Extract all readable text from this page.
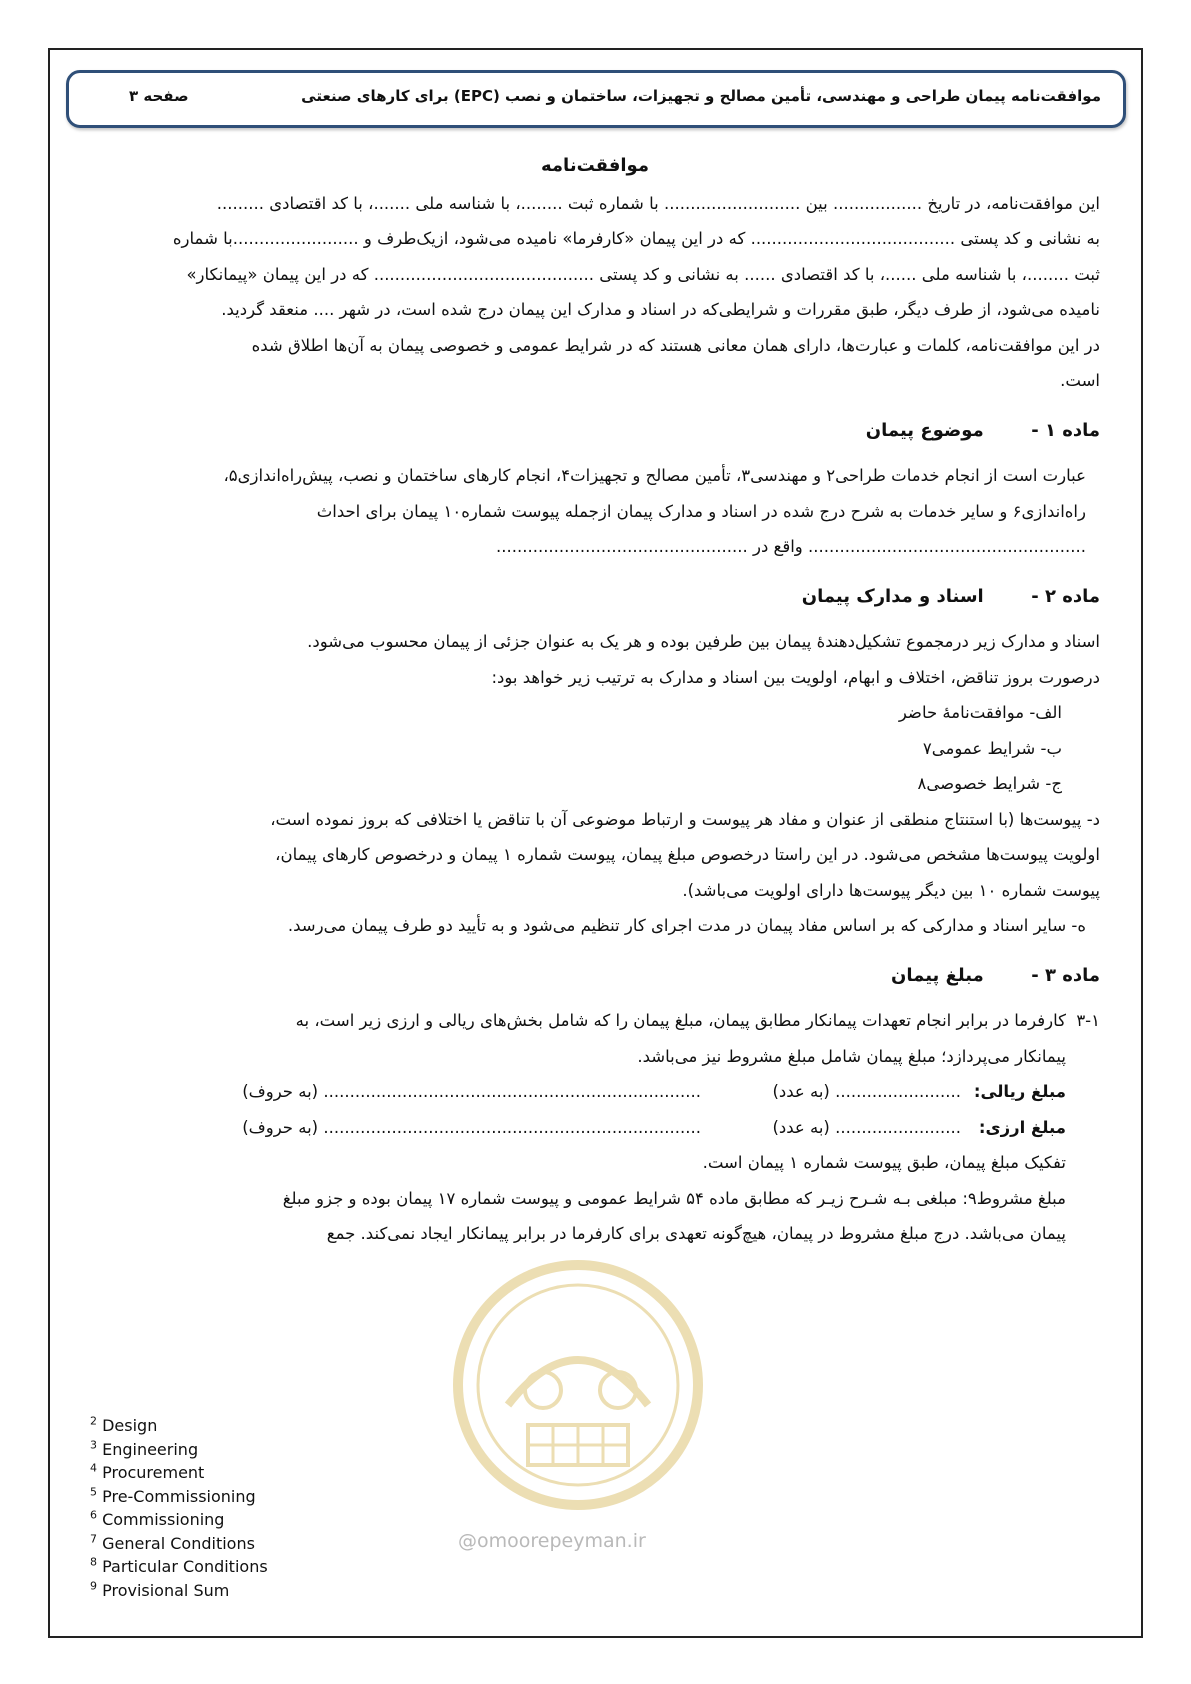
موافقت‌نامه پیمان طراحی و مهندسی، تأمین مصالح و تجهیزات، ساختمان و نصب (EPC) برای کارهای صنعتی
صفحه ۳

موافقت‌نامه

این موافقت‌نامه، در تاریخ ................. بین .......................... با شماره ثبت ........، با شناسه ملی .......، با کد اقتصادی .........

به نشانی و کد پستی ....................................... که در این پیمان «کارفرما» نامیده می‌شود، ازیک‌طرف و ........................با شماره

ثبت ........، با شناسه ملی ......، با کد اقتصادی ...... به نشانی و کد پستی .......................................... که در این پیمان «پیمانکار»

نامیده می‌شود، از طرف دیگر، طبق مقررات و شرایطی‌که در اسناد و مدارک این پیمان درج شده است، در شهر .... منعقد گردید.

در این موافقت‌نامه، کلمات و عبارت‌ها، دارای همان معانی هستند که در شرایط عمومی و خصوصی پیمان به آن‌ها اطلاق شده

است.

ماده ۱ - موضوع پیمان

عبارت است از انجام خدمات طراحی۲ و مهندسی۳، تأمین مصالح و تجهیزات۴، انجام کارهای ساختمان و نصب، پیش‌راه‌اندازی۵،

راه‌اندازی۶ و سایر خدمات به شرح درج شده در اسناد و مدارک پیمان ازجمله پیوست شماره۱۰ پیمان برای احداث

..................................................... واقع در ................................................

ماده ۲ - اسناد و مدارک پیمان

اسناد و مدارک زیر درمجموع تشکیل‌دهندهٔ پیمان بین طرفین بوده و هر یک به عنوان جزئی از پیمان محسوب می‌شود.

درصورت بروز تناقض، اختلاف و ابهام، اولویت بین اسناد و مدارک به ترتیب زیر خواهد بود:

الف- موافقت‌نامهٔ حاضر

ب- شرایط عمومی۷

ج- شرایط خصوصی۸

د- پیوست‌ها (با استنتاج منطقی از عنوان و مفاد هر پیوست و ارتباط موضوعی آن با تناقض یا اختلافی که بروز نموده است،

اولویت پیوست‌ها مشخص می‌شود. در این راستا درخصوص مبلغ پیمان، پیوست شماره ۱ پیمان و درخصوص کارهای پیمان،

پیوست شماره ۱۰ بین دیگر پیوست‌ها دارای اولویت می‌باشد).

ه- سایر اسناد و مدارکی که بر اساس مفاد پیمان در مدت اجرای کار تنظیم می‌شود و به تأیید دو طرف پیمان می‌رسد.

ماده ۳ - مبلغ پیمان

۳-۱
کارفرما در برابر انجام تعهدات پیمانکار مطابق پیمان، مبلغ پیمان را که شامل بخش‌های ریالی و ارزی زیر است، به
پیمانکار می‌پردازد؛ مبلغ پیمان شامل مبلغ مشروط نیز می‌باشد.

مبلغ ریالی:
........................ (به عدد)
........................................................................ (به حروف)

مبلغ ارزی:
........................ (به عدد)
........................................................................ (به حروف)

تفکیک مبلغ پیمان، طبق پیوست شماره ۱ پیمان است.

مبلغ مشروط۹: مبلغی بـه شـرح زیـر که مطابق ماده ۵۴ شرایط عمومی و پیوست شماره ۱۷ پیمان بوده و جزو مبلغ
پیمان می‌باشد. درج مبلغ مشروط در پیمان، هیچ‌گونه تعهدی برای کارفرما در برابر پیمانکار ایجاد نمی‌کند. جمع
@omoorepeyman.ir
$^2$ Design
$^3$ Engineering
$^4$ Procurement
$^5$ Pre-Commissioning
$^6$ Commissioning
$^7$ General Conditions
$^8$ Particular Conditions
$^9$ Provisional Sum
